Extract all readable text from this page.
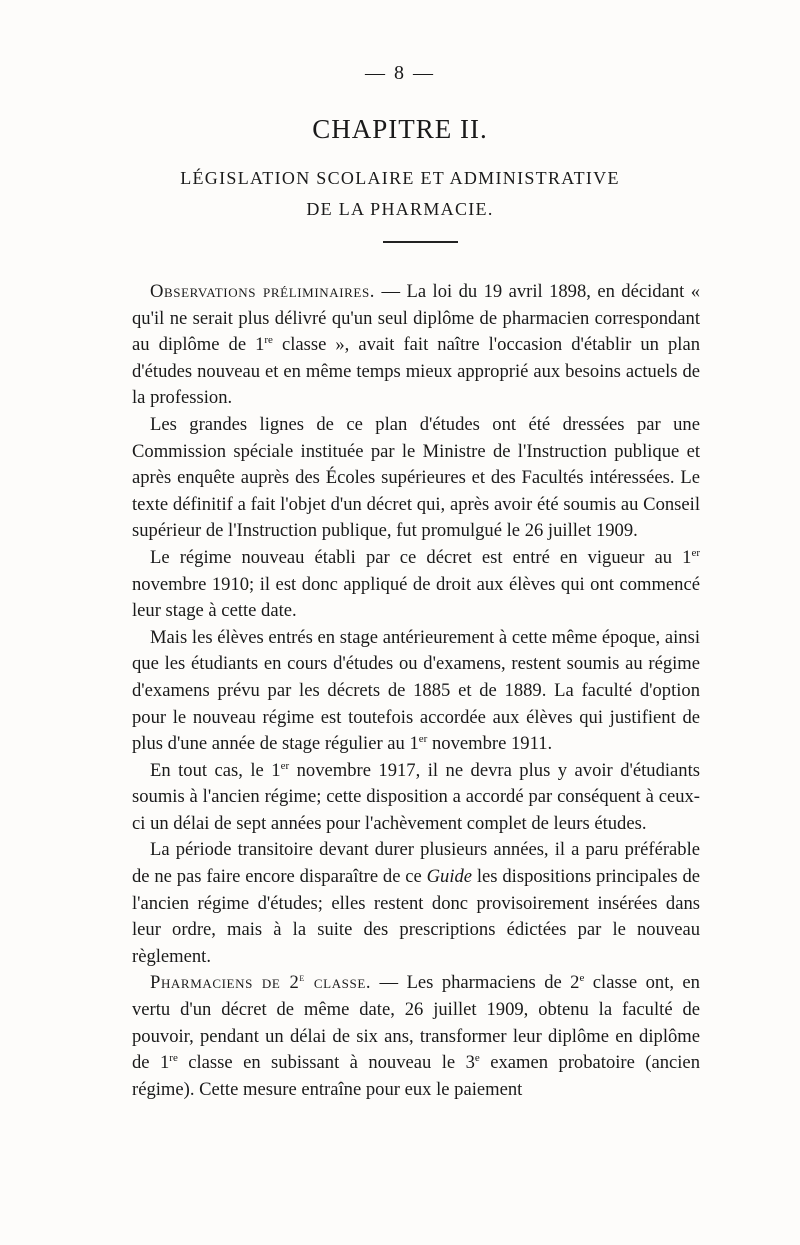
— 8 —
CHAPITRE II.
LÉGISLATION SCOLAIRE ET ADMINISTRATIVE
DE LA PHARMACIE.

Observations préliminaires. — La loi du 19 avril 1898, en décidant « qu'il ne serait plus délivré qu'un seul diplôme de pharmacien correspondant au diplôme de 1re classe », avait fait naître l'occasion d'établir un plan d'études nouveau et en même temps mieux approprié aux besoins actuels de la profession.

Les grandes lignes de ce plan d'études ont été dressées par une Commission spéciale instituée par le Ministre de l'Instruction publique et après enquête auprès des Écoles supérieures et des Facultés intéressées. Le texte définitif a fait l'objet d'un décret qui, après avoir été soumis au Conseil supérieur de l'Instruction publique, fut promulgué le 26 juillet 1909.

Le régime nouveau établi par ce décret est entré en vigueur au 1er novembre 1910; il est donc appliqué de droit aux élèves qui ont commencé leur stage à cette date.

Mais les élèves entrés en stage antérieurement à cette même époque, ainsi que les étudiants en cours d'études ou d'examens, restent soumis au régime d'examens prévu par les décrets de 1885 et de 1889. La faculté d'option pour le nouveau régime est toutefois accordée aux élèves qui justifient de plus d'une année de stage régulier au 1er novembre 1911.

En tout cas, le 1er novembre 1917, il ne devra plus y avoir d'étudiants soumis à l'ancien régime; cette disposition a accordé par conséquent à ceux-ci un délai de sept années pour l'achèvement complet de leurs études.

La période transitoire devant durer plusieurs années, il a paru préférable de ne pas faire encore disparaître de ce Guide les dispositions principales de l'ancien régime d'études; elles restent donc provisoirement insérées dans leur ordre, mais à la suite des prescriptions édictées par le nouveau règlement.

Pharmaciens de 2e classe. — Les pharmaciens de 2e classe ont, en vertu d'un décret de même date, 26 juillet 1909, obtenu la faculté de pouvoir, pendant un délai de six ans, transformer leur diplôme en diplôme de 1re classe en subissant à nouveau le 3e examen probatoire (ancien régime). Cette mesure entraîne pour eux le paiement
